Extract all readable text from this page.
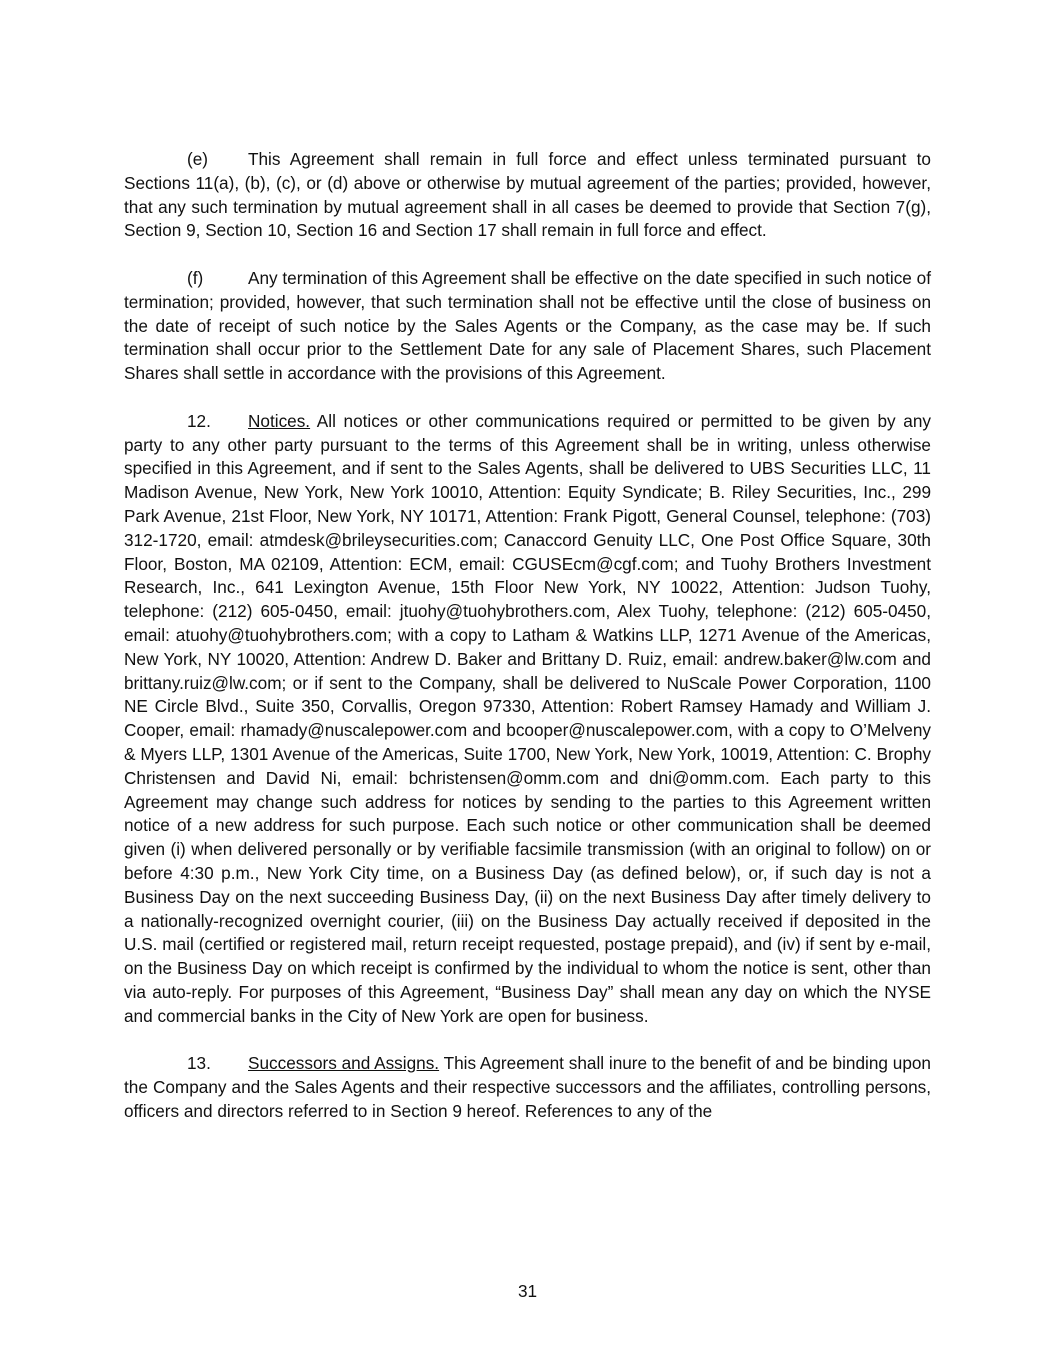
(e) This Agreement shall remain in full force and effect unless terminated pursuant to Sections 11(a), (b), (c), or (d) above or otherwise by mutual agreement of the parties; provided, however, that any such termination by mutual agreement shall in all cases be deemed to provide that Section 7(g), Section 9, Section 10, Section 16 and Section 17 shall remain in full force and effect.

(f)	Any termination of this Agreement shall be effective on the date specified in such notice of termination; provided, however, that such termination shall not be effective until the close of business on the date of receipt of such notice by the Sales Agents or the Company, as the case may be. If such termination shall occur prior to the Settlement Date for any sale of Placement Shares, such Placement Shares shall settle in accordance with the provisions of this Agreement.

12. Notices. All notices or other communications required or permitted to be given by any party to any other party pursuant to the terms of this Agreement shall be in writing, unless otherwise specified in this Agreement, and if sent to the Sales Agents, shall be delivered to UBS Securities LLC, 11 Madison Avenue, New York, New York 10010, Attention: Equity Syndicate; B. Riley Securities, Inc., 299 Park Avenue, 21st Floor, New York, NY 10171, Attention: Frank Pigott, General Counsel, telephone: (703) 312-1720, email: atmdesk@brileysecurities.com; Canaccord Genuity LLC, One Post Office Square, 30th Floor, Boston, MA 02109, Attention: ECM, email: CGUSEcm@cgf.com; and Tuohy Brothers Investment Research, Inc., 641 Lexington Avenue, 15th Floor New York, NY 10022, Attention: Judson Tuohy, telephone: (212) 605-0450, email: jtuohy@tuohybrothers.com, Alex Tuohy, telephone: (212) 605-0450, email: atuohy@tuohybrothers.com; with a copy to Latham & Watkins LLP, 1271 Avenue of the Americas, New York, NY 10020, Attention: Andrew D. Baker and Brittany D. Ruiz, email: andrew.baker@lw.com and brittany.ruiz@lw.com; or if sent to the Company, shall be delivered to NuScale Power Corporation, 1100 NE Circle Blvd., Suite 350, Corvallis, Oregon 97330, Attention: Robert Ramsey Hamady and William J. Cooper, email: rhamady@nuscalepower.com and bcooper@nuscalepower.com, with a copy to O’Melveny & Myers LLP, 1301 Avenue of the Americas, Suite 1700, New York, New York, 10019, Attention: C. Brophy Christensen and David Ni, email: bchristensen@omm.com and dni@omm.com. Each party to this Agreement may change such address for notices by sending to the parties to this Agreement written notice of a new address for such purpose. Each such notice or other communication shall be deemed given (i) when delivered personally or by verifiable facsimile transmission (with an original to follow) on or before 4:30 p.m., New York City time, on a Business Day (as defined below), or, if such day is not a Business Day on the next succeeding Business Day, (ii) on the next Business Day after timely delivery to a nationally-recognized overnight courier, (iii) on the Business Day actually received if deposited in the U.S. mail (certified or registered mail, return receipt requested, postage prepaid), and (iv) if sent by e-mail, on the Business Day on which receipt is confirmed by the individual to whom the notice is sent, other than via auto-reply. For purposes of this Agreement, “Business Day” shall mean any day on which the NYSE and commercial banks in the City of New York are open for business.

13. Successors and Assigns. This Agreement shall inure to the benefit of and be binding upon the Company and the Sales Agents and their respective successors and the affiliates, controlling persons, officers and directors referred to in Section 9 hereof. References to any of the

31
